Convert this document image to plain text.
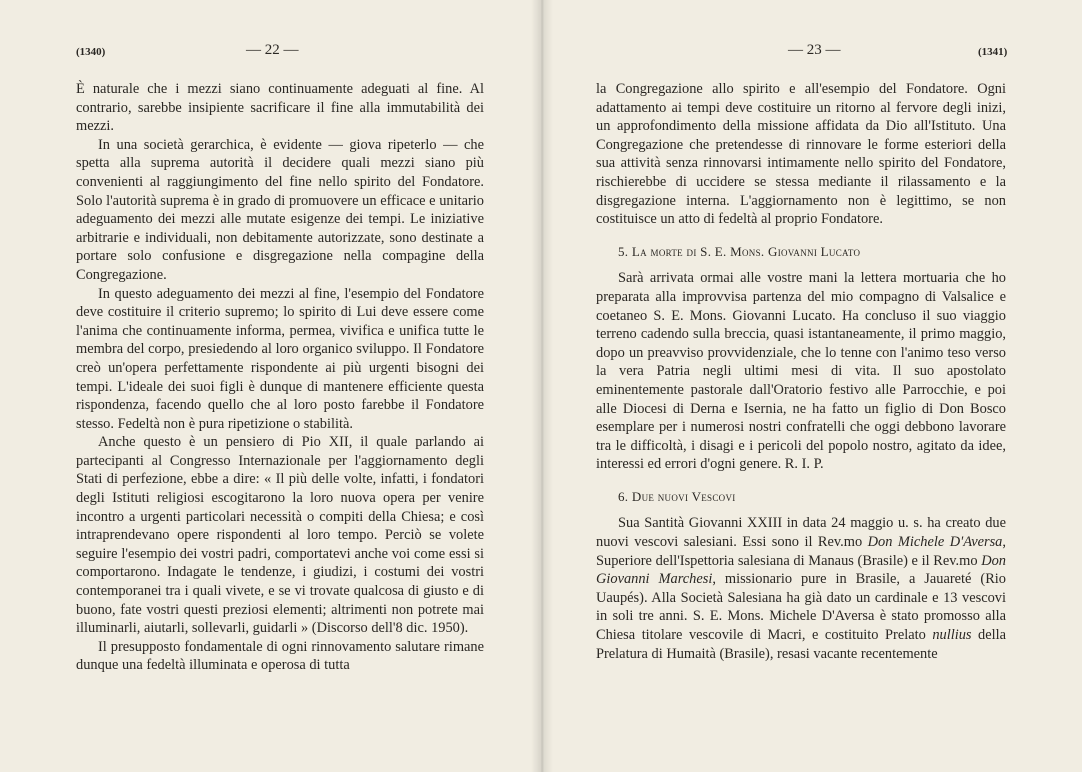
(1340)	— 22 —

È naturale che i mezzi siano continuamente adeguati al fine. Al contrario, sarebbe insipiente sacrificare il fine alla immutabilità dei mezzi.

In una società gerarchica, è evidente — giova ripeterlo — che spetta alla suprema autorità il decidere quali mezzi siano più convenienti al raggiungimento del fine nello spirito del Fondatore. Solo l'autorità suprema è in grado di promuovere un efficace e unitario adeguamento dei mezzi alle mutate esigenze dei tempi. Le iniziative arbitrarie e individuali, non debitamente autorizzate, sono destinate a portare solo confusione e disgregazione nella compagine della Congregazione.

In questo adeguamento dei mezzi al fine, l'esempio del Fondatore deve costituire il criterio supremo; lo spirito di Lui deve essere come l'anima che continuamente informa, permea, vivifica e unifica tutte le membra del corpo, presiedendo al loro organico sviluppo. Il Fondatore creò un'opera perfettamente rispondente ai più urgenti bisogni dei tempi. L'ideale dei suoi figli è dunque di mantenere efficiente questa rispondenza, facendo quello che al loro posto farebbe il Fondatore stesso. Fedeltà non è pura ripetizione o stabilità.

Anche questo è un pensiero di Pio XII, il quale parlando ai partecipanti al Congresso Internazionale per l'aggiornamento degli Stati di perfezione, ebbe a dire: « Il più delle volte, infatti, i fondatori degli Istituti religiosi escogitarono la loro nuova opera per venire incontro a urgenti particolari necessità o compiti della Chiesa; e così intraprendevano opere rispondenti al loro tempo. Perciò se volete seguire l'esempio dei vostri padri, comportatevi anche voi come essi si comportarono. Indagate le tendenze, i giudizi, i costumi dei vostri contemporanei tra i quali vivete, e se vi trovate qualcosa di giusto e di buono, fate vostri questi preziosi elementi; altrimenti non potrete mai illuminarli, aiutarli, sollevarli, guidarli » (Discorso dell'8 dic. 1950).

Il presupposto fondamentale di ogni rinnovamento salutare rimane dunque una fedeltà illuminata e operosa di tutta

— 23 —	(1341)

la Congregazione allo spirito e all'esempio del Fondatore. Ogni adattamento ai tempi deve costituire un ritorno al fervore degli inizi, un approfondimento della missione affidata da Dio all'Istituto. Una Congregazione che pretendesse di rinnovare le forme esteriori della sua attività senza rinnovarsi intimamente nello spirito del Fondatore, rischierebbe di uccidere se stessa mediante il rilassamento e la disgregazione interna. L'aggiornamento non è legittimo, se non costituisce un atto di fedeltà al proprio Fondatore.

5. La morte di S. E. Mons. Giovanni Lucato

Sarà arrivata ormai alle vostre mani la lettera mortuaria che ho preparata alla improvvisa partenza del mio compagno di Valsalice e coetaneo S. E. Mons. Giovanni Lucato. Ha concluso il suo viaggio terreno cadendo sulla breccia, quasi istantaneamente, il primo maggio, dopo un preavviso provvidenziale, che lo tenne con l'animo teso verso la vera Patria negli ultimi mesi di vita. Il suo apostolato eminentemente pastorale dall'Oratorio festivo alle Parrocchie, e poi alle Diocesi di Derna e Isernia, ne ha fatto un figlio di Don Bosco esemplare per i numerosi nostri confratelli che oggi debbono lavorare tra le difficoltà, i disagi e i pericoli del popolo nostro, agitato da idee, interessi ed errori d'ogni genere. R. I. P.

6. Due nuovi Vescovi

Sua Santità Giovanni XXIII in data 24 maggio u. s. ha creato due nuovi vescovi salesiani. Essi sono il Rev.mo Don Michele D'Aversa, Superiore dell'Ispettoria salesiana di Manaus (Brasile) e il Rev.mo Don Giovanni Marchesi, missionario pure in Brasile, a Jauareté (Rio Uaupés). Alla Società Salesiana ha già dato un cardinale e 13 vescovi in soli tre anni. S. E. Mons. Michele D'Aversa è stato promosso alla Chiesa titolare vescovile di Macri, e costituito Prelato nullius della Prelatura di Humaità (Brasile), resasi vacante recentemente
